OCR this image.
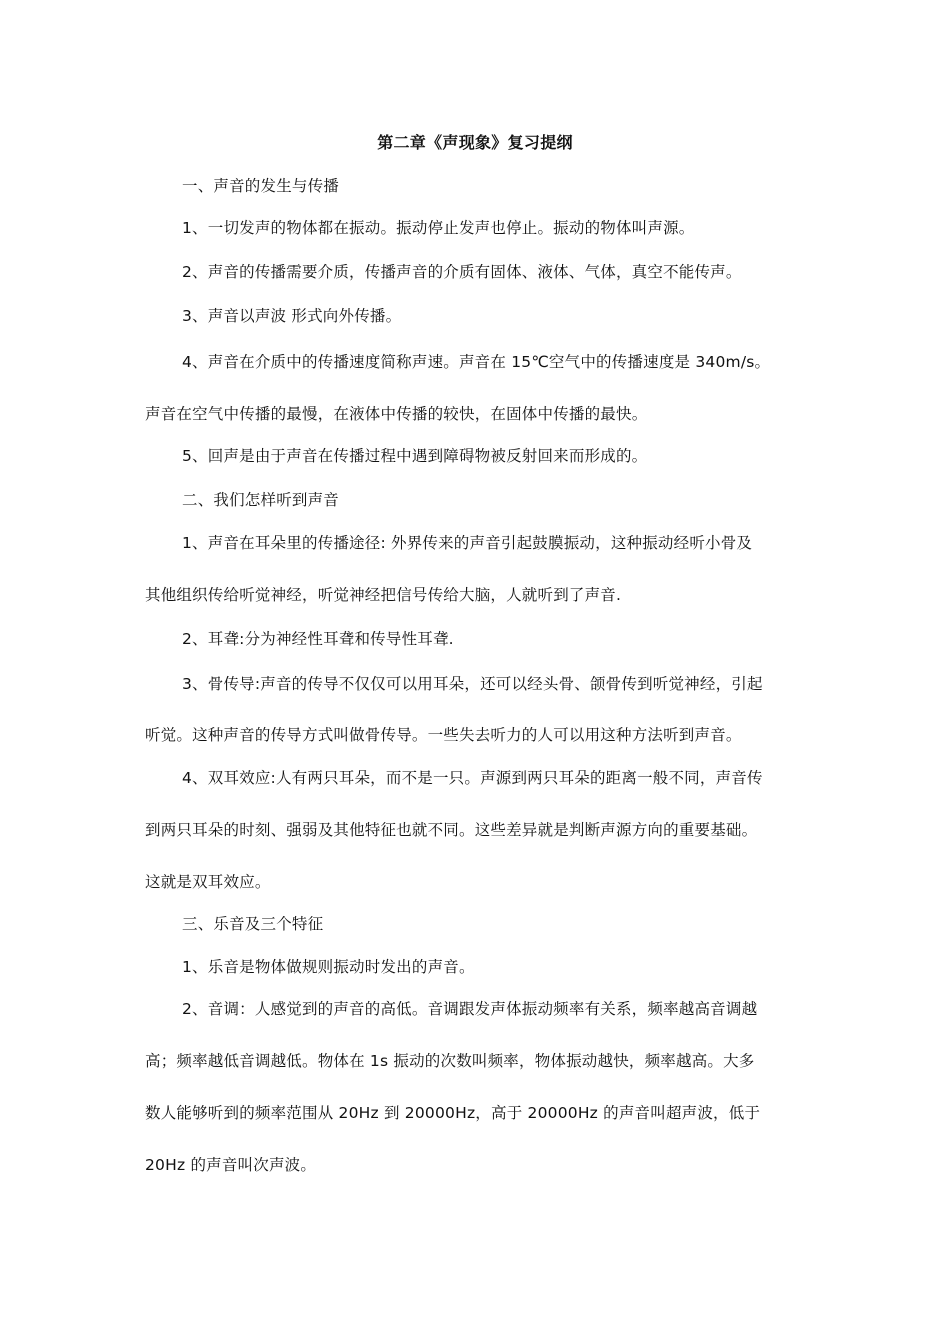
第二章《声现象》复习提纲
一、声音的发生与传播
1、一切发声的物体都在振动。振动停止发声也停止。振动的物体叫声源。
2、声音的传播需要介质，传播声音的介质有固体、液体、气体，真空不能传声。
3、声音以声波 形式向外传播。
4、声音在介质中的传播速度简称声速。声音在 15℃空气中的传播速度是 340m/s。
声音在空气中传播的最慢，在液体中传播的较快，在固体中传播的最快。
5、回声是由于声音在传播过程中遇到障碍物被反射回来而形成的。
二、我们怎样听到声音
1、声音在耳朵里的传播途径: 外界传来的声音引起鼓膜振动，这种振动经听小骨及
其他组织传给听觉神经，听觉神经把信号传给大脑，人就听到了声音.
2、耳聋:分为神经性耳聋和传导性耳聋.
3、骨传导:声音的传导不仅仅可以用耳朵，还可以经头骨、颌骨传到听觉神经，引起
听觉。这种声音的传导方式叫做骨传导。一些失去听力的人可以用这种方法听到声音。
4、双耳效应:人有两只耳朵，而不是一只。声源到两只耳朵的距离一般不同，声音传
到两只耳朵的时刻、强弱及其他特征也就不同。这些差异就是判断声源方向的重要基础。
这就是双耳效应。
三、乐音及三个特征
1、乐音是物体做规则振动时发出的声音。
2、音调：人感觉到的声音的高低。音调跟发声体振动频率有关系，频率越高音调越
高；频率越低音调越低。物体在 1s 振动的次数叫频率，物体振动越快，频率越高。大多
数人能够听到的频率范围从 20Hz 到 20000Hz，高于 20000Hz 的声音叫超声波，低于
20Hz 的声音叫次声波。
